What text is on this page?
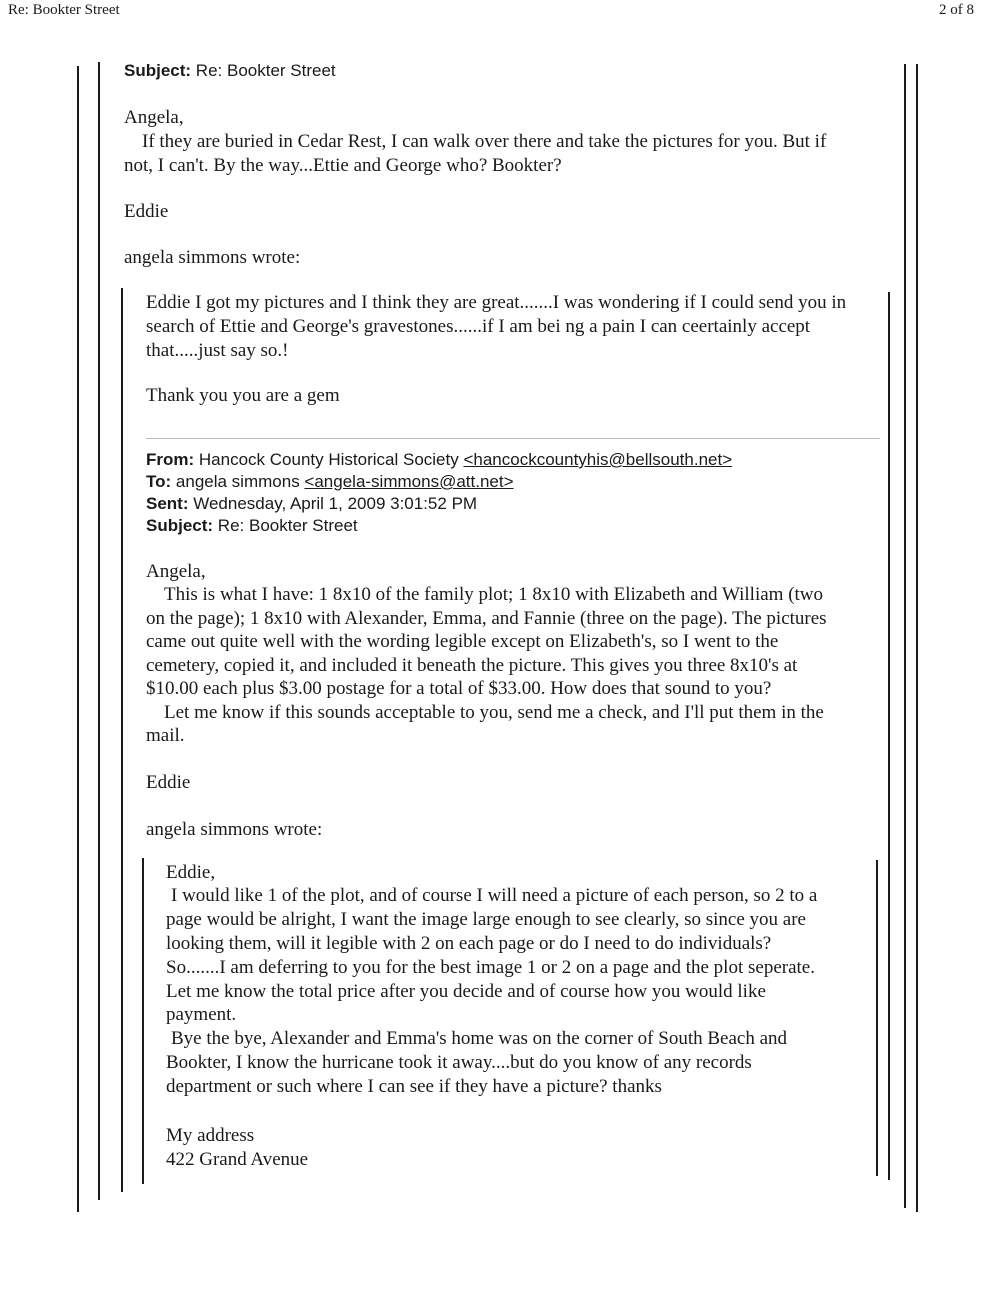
Re: Bookter Street	2 of 8
Subject: Re: Bookter Street
Angela,
If they are buried in Cedar Rest, I can walk over there and take the pictures for you. But if
not, I can't. By the way...Ettie and George who? Bookter?
Eddie
angela simmons wrote:
Eddie I got my pictures and I think they are great.......I was wondering if I could send you in
search of Ettie and George's gravestones......if I am bei ng a pain I can ceertainly accept
that.....just say so.!
Thank you you are a gem
From: Hancock County Historical Society <hancockcountyhis@bellsouth.net>
To: angela simmons <angela-simmons@att.net>
Sent: Wednesday, April 1, 2009 3:01:52 PM
Subject: Re: Bookter Street
Angela,
This is what I have: 1 8x10 of the family plot; 1 8x10 with Elizabeth and William (two
on the page); 1 8x10 with Alexander, Emma, and Fannie (three on the page). The pictures
came out quite well with the wording legible except on Elizabeth's, so I went to the
cemetery, copied it, and included it beneath the picture. This gives you three 8x10's at
$10.00 each plus $3.00 postage for a total of $33.00. How does that sound to you?
Let me know if this sounds acceptable to you, send me a check, and I'll put them in the
mail.
Eddie
angela simmons wrote:
Eddie,
I would like 1 of the plot, and of course I will need a picture of each person, so 2 to a
page would be alright, I want the image large enough to see clearly, so since you are
looking them, will it legible with 2 on each page or do I need to do individuals?
So.......I am deferring to you for the best image 1 or 2 on a page and the plot seperate.
Let me know the total price after you decide and of course how you would like
payment.
Bye the bye, Alexander and Emma's home was on the corner of South Beach and
Bookter, I know the hurricane took it away....but do you know of any records
department or such where I can see if they have a picture? thanks
My address
422 Grand Avenue
